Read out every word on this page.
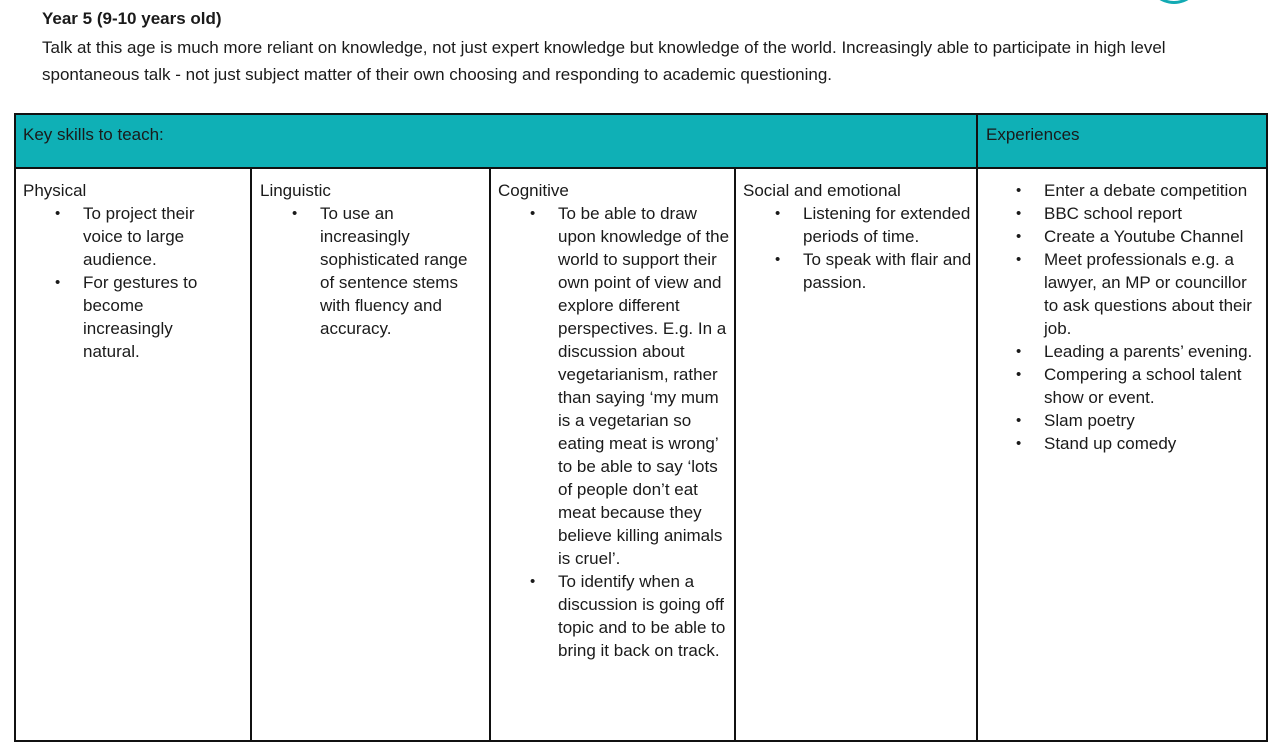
Year 5 (9-10 years old)
Talk at this age is much more reliant on knowledge, not just expert knowledge but knowledge of the world. Increasingly able to participate in high level spontaneous talk - not just subject matter of their own choosing and responding to academic questioning.
Key skills to teach:	Experiences
Physical
• To project their voice to large audience.
• For gestures to become increasingly natural.
Linguistic
• To use an increasingly sophisticated range of sentence stems with fluency and accuracy.
Cognitive
• To be able to draw upon knowledge of the world to support their own point of view and explore different perspectives. E.g. In a discussion about vegetarianism, rather than saying ‘my mum is a vegetarian so eating meat is wrong’ to be able to say ‘lots of people don’t eat meat because they believe killing animals is cruel’.
• To identify when a discussion is going off topic and to be able to bring it back on track.
Social and emotional
• Listening for extended periods of time.
• To speak with flair and passion.
• Enter a debate competition
• BBC school report
• Create a Youtube Channel
• Meet professionals e.g. a lawyer, an MP or councillor to ask questions about their job.
• Leading a parents’ evening.
• Compering a school talent show or event.
• Slam poetry
• Stand up comedy
